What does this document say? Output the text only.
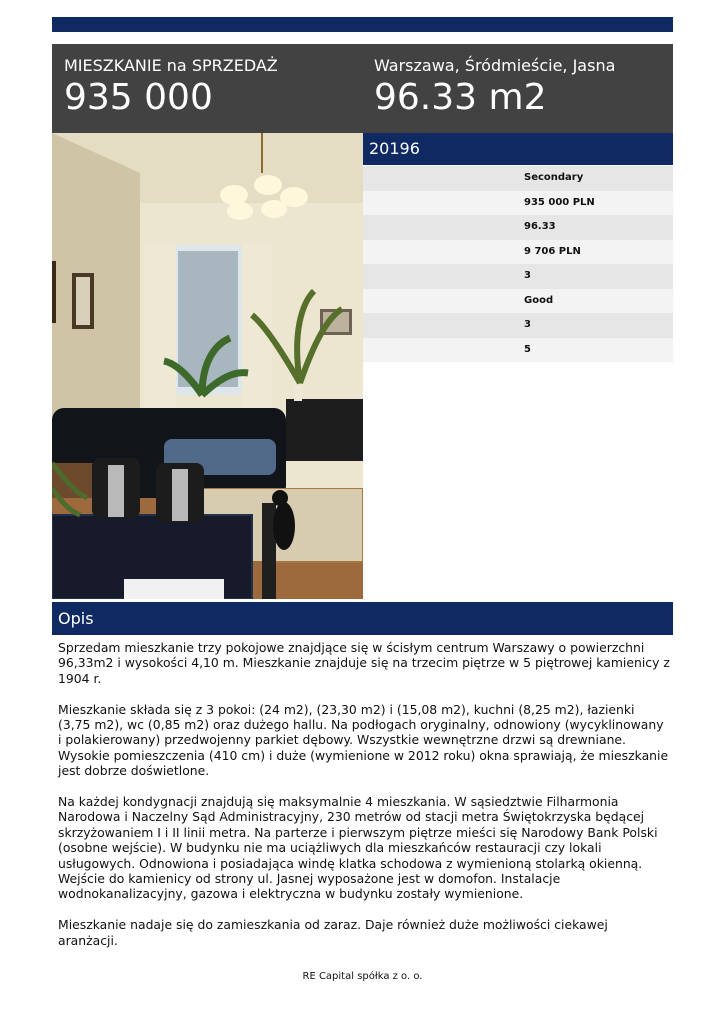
MIESZKANIE na SPRZEDAŻ
935 000
Warszawa, Śródmieście, Jasna
96.33 m2
20196
Secondary
935 000 PLN
96.33
9 706 PLN
3
Good
3
5
Opis

Sprzedam mieszkanie trzy pokojowe znajdjące się w ścisłym centrum Warszawy o powierzchni 96,33m2 i wysokości 4,10 m. Mieszkanie znajduje się na trzecim piętrze w 5 piętrowej kamienicy z 1904 r.

Mieszkanie składa się z 3 pokoi: (24 m2), (23,30 m2) i (15,08 m2), kuchni (8,25 m2), łazienki (3,75 m2), wc (0,85 m2) oraz dużego hallu. Na podłogach oryginalny, odnowiony (wycyklinowany i polakierowany) przedwojenny parkiet dębowy. Wszystkie wewnętrzne drzwi są drewniane. Wysokie pomieszczenia (410 cm) i duże (wymienione w 2012 roku) okna sprawiają, że mieszkanie jest dobrze doświetlone.

Na każdej kondygnacji znajdują się maksymalnie 4 mieszkania. W sąsiedztwie Filharmonia Narodowa i Naczelny Sąd Administracyjny, 230 metrów od stacji metra Świętokrzyska będącej skrzyżowaniem I i II linii metra. Na parterze i pierwszym piętrze mieści się Narodowy Bank Polski (osobne wejście). W budynku nie ma uciążliwych dla mieszkańców restauracji czy lokali usługowych. Odnowiona i posiadająca windę klatka schodowa z wymienioną stolarką okienną. Wejście do kamienicy od strony ul. Jasnej wyposażone jest w domofon. Instalacje wodnokanalizacyjny, gazowa i elektryczna w budynku zostały wymienione.

Mieszkanie nadaje się do zamieszkania od zaraz. Daje również duże możliwości ciekawej aranżacji.

RE Capital spółka z o. o.
